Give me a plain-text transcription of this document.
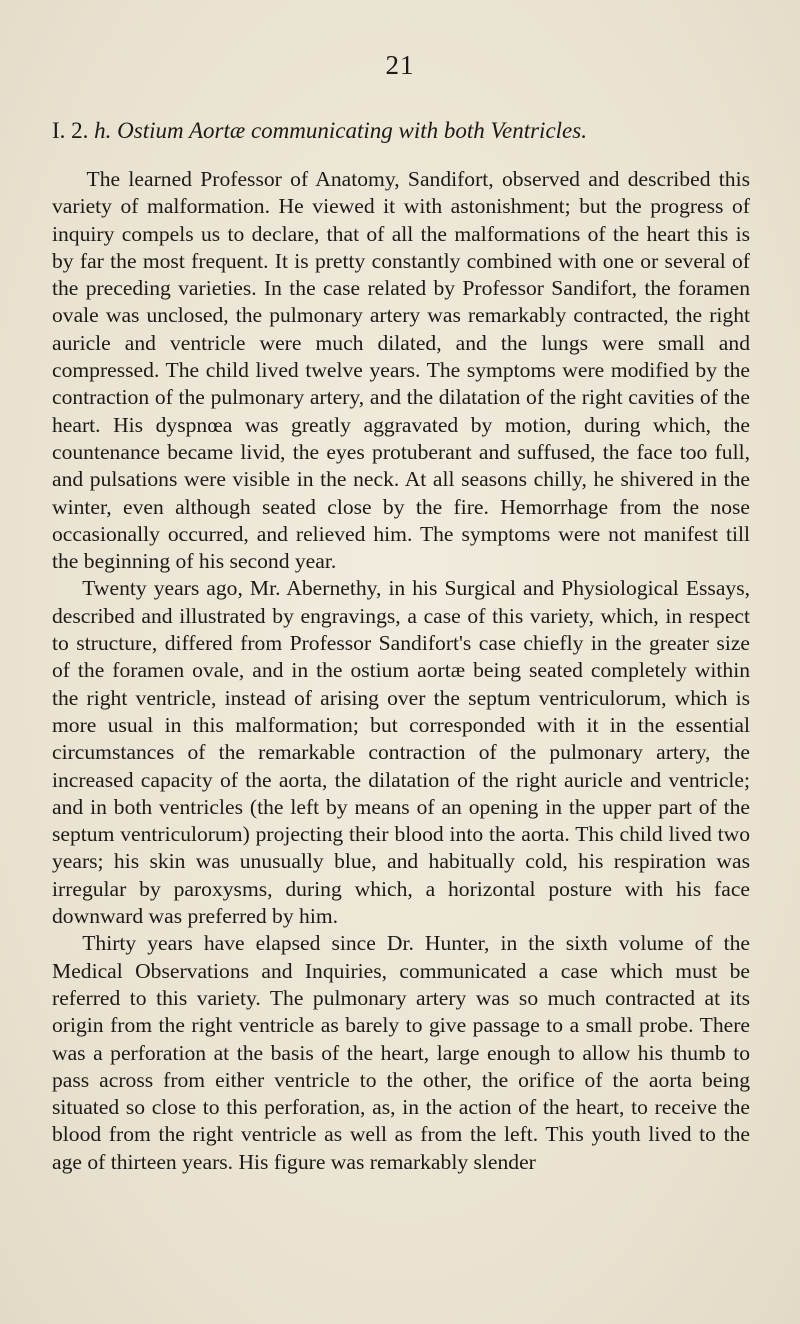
21
I. 2. h. Ostium Aortæ communicating with both Ventricles.

The learned Professor of Anatomy, Sandifort, observed and described this variety of malformation. He viewed it with astonishment; but the progress of inquiry compels us to declare, that of all the malformations of the heart this is by far the most frequent. It is pretty constantly combined with one or several of the preceding varieties. In the case related by Professor Sandifort, the foramen ovale was unclosed, the pulmonary artery was remarkably contracted, the right auricle and ventricle were much dilated, and the lungs were small and compressed. The child lived twelve years. The symptoms were modified by the contraction of the pulmonary artery, and the dilatation of the right cavities of the heart. His dyspnœa was greatly aggravated by motion, during which, the countenance became livid, the eyes protuberant and suffused, the face too full, and pulsations were visible in the neck. At all seasons chilly, he shivered in the winter, even although seated close by the fire. Hemorrhage from the nose occasionally occurred, and relieved him. The symptoms were not manifest till the beginning of his second year.

Twenty years ago, Mr. Abernethy, in his Surgical and Physiological Essays, described and illustrated by engravings, a case of this variety, which, in respect to structure, differed from Professor Sandifort's case chiefly in the greater size of the foramen ovale, and in the ostium aortæ being seated completely within the right ventricle, instead of arising over the septum ventriculorum, which is more usual in this malformation; but corresponded with it in the essential circumstances of the remarkable contraction of the pulmonary artery, the increased capacity of the aorta, the dilatation of the right auricle and ventricle; and in both ventricles (the left by means of an opening in the upper part of the septum ventriculorum) projecting their blood into the aorta. This child lived two years; his skin was unusually blue, and habitually cold, his respiration was irregular by paroxysms, during which, a horizontal posture with his face downward was preferred by him.

Thirty years have elapsed since Dr. Hunter, in the sixth volume of the Medical Observations and Inquiries, communicated a case which must be referred to this variety. The pulmonary artery was so much contracted at its origin from the right ventricle as barely to give passage to a small probe. There was a perforation at the basis of the heart, large enough to allow his thumb to pass across from either ventricle to the other, the orifice of the aorta being situated so close to this perforation, as, in the action of the heart, to receive the blood from the right ventricle as well as from the left. This youth lived to the age of thirteen years. His figure was remarkably slender
